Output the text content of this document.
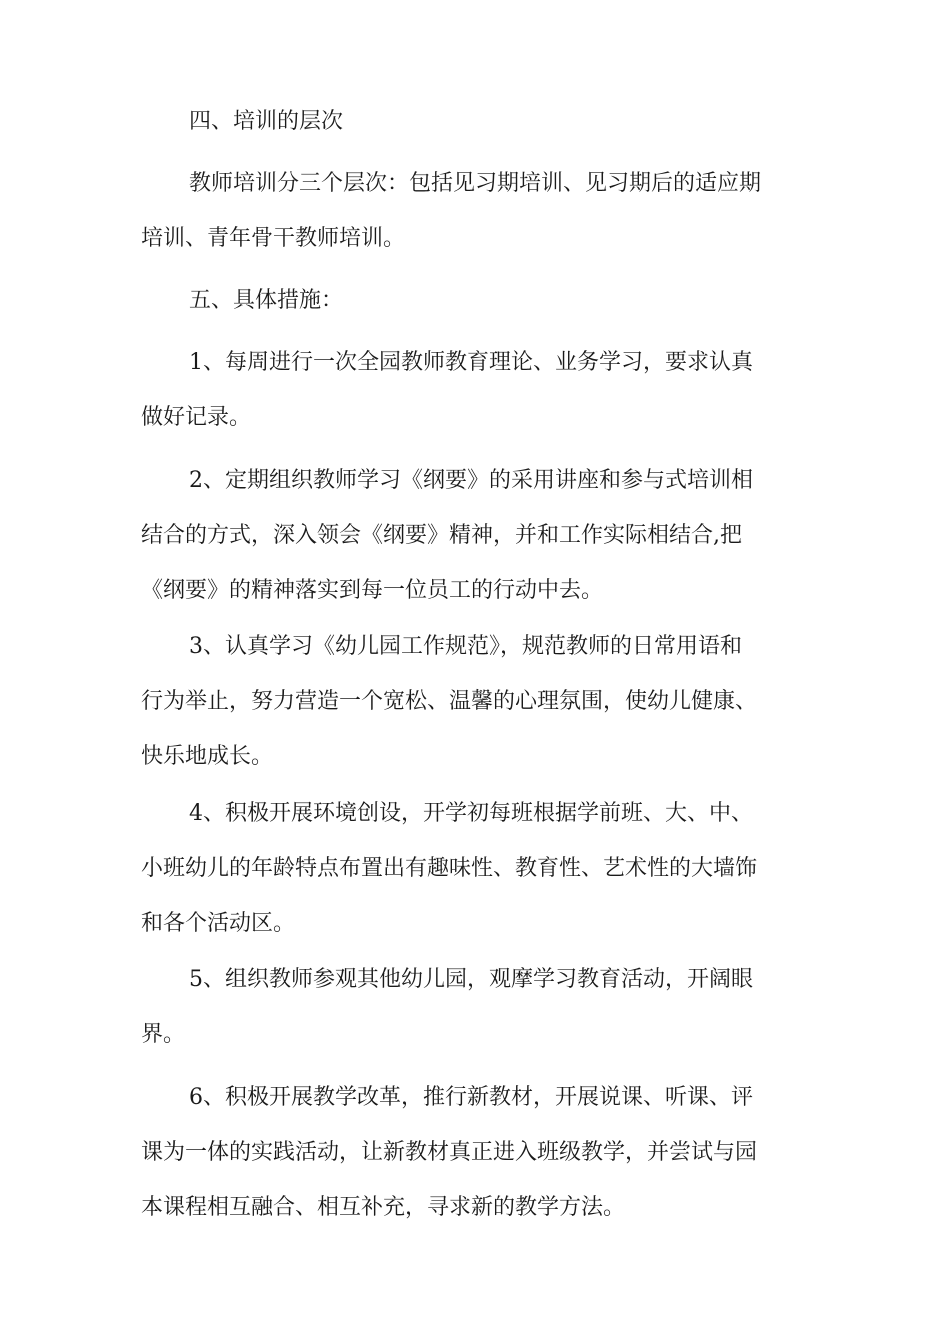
四、培训的层次

教师培训分三个层次：包括见习期培训、见习期后的适应期
培训、青年骨干教师培训。

五、具体措施：

1、每周进行一次全园教师教育理论、业务学习，要求认真
做好记录。

2、定期组织教师学习《纲要》的采用讲座和参与式培训相
结合的方式，深入领会《纲要》精神，并和工作实际相结合,把
《纲要》的精神落实到每一位员工的行动中去。

3、认真学习《幼儿园工作规范》，规范教师的日常用语和
行为举止，努力营造一个宽松、温馨的心理氛围，使幼儿健康、
快乐地成长。

4、积极开展环境创设，开学初每班根据学前班、大、中、
小班幼儿的年龄特点布置出有趣味性、教育性、艺术性的大墙饰
和各个活动区。

5、组织教师参观其他幼儿园，观摩学习教育活动，开阔眼
界。

6、积极开展教学改革，推行新教材，开展说课、听课、评
课为一体的实践活动，让新教材真正进入班级教学，并尝试与园
本课程相互融合、相互补充，寻求新的教学方法。
